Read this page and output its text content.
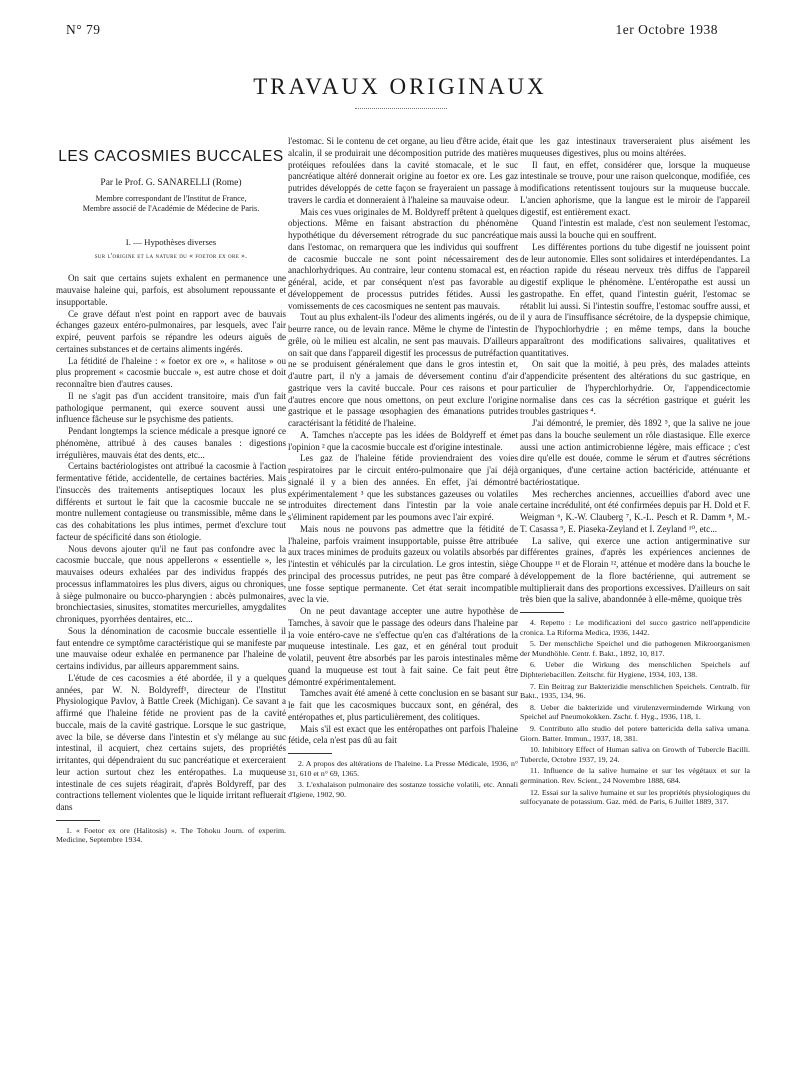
N° 79	1er Octobre 1938
TRAVAUX ORIGINAUX
LES CACOSMIES BUCCALES
Par le Prof. G. SANARELLI (Rome)
Membre correspondant de l'Institut de France,
Membre associé de l'Académie de Médecine de Paris.
I. — Hypothèses diverses
sur l'origine et la nature du « foetor ex ore ».

On sait que certains sujets exhalent en permanence une mauvaise haleine qui, parfois, est absolument repoussante et insupportable.

Ce grave défaut n'est point en rapport avec de bauvais échanges gazeux entéro-pulmonaires, par lesquels, avec l'air expiré, peuvent parfois se répandre les odeurs aiguës de certaines substances et de certains aliments ingérés.

La fétidité de l'haleine : « foetor ex ore », « halitose » ou plus proprement « cacosmie buccale », est autre chose et doit reconnaître bien d'autres causes.

Il ne s'agit pas d'un accident transitoire, mais d'un fait pathologique permanent, qui exerce souvent aussi une influence fâcheuse sur le psychisme des patients.

Pendant longtemps la science médicale a presque ignoré ce phénomène, attribué à des causes banales : digestions irrégulières, mauvais état des dents, etc...

Certains bactériologistes ont attribué la cacosmie à l'action fermentative fétide, accidentelle, de certaines bactéries. Mais l'insuccès des traitements antiseptiques locaux les plus différents et surtout le fait que la cacosmie buccale ne se montre nullement contagieuse ou transmissible, même dans le cas des cohabitations les plus intimes, permet d'exclure tout facteur de spécificité dans son étiologie.

Nous devons ajouter qu'il ne faut pas confondre avec la cacosmie buccale, que nous appellerons « essentielle », les mauvaises odeurs exhalées par des individus frappés des processus inflammatoires les plus divers, aigus ou chroniques, à siège pulmonaire ou bucco-pharyngien : abcès pulmonaires, bronchiectasies, sinusites, stomatites mercurielles, amygdalites chroniques, pyorrhées dentaires, etc...

Sous la dénomination de cacosmie buccale essentielle il faut entendre ce symptôme caractéristique qui se manifeste par une mauvaise odeur exhalée en permanence par l'haleine de certains individus, par ailleurs apparemment sains.

L'étude de ces cacosmies a été abordée, il y a quelques années, par W. N. Boldyreff¹, directeur de l'Institut Physiologique Pavlov, à Battle Creek (Michigan). Ce savant a affirmé que l'haleine fétide ne provient pas de la cavité buccale, mais de la cavité gastrique. Lorsque le suc gastrique, avec la bile, se déverse dans l'intestin et s'y mélange au suc intestinal, il acquiert, chez certains sujets, des propriétés irritantes, qui dépendraient du suc pancréatique et exerceraient leur action surtout chez les entéropathes. La muqueuse intestinale de ces sujets réagirait, d'après Boldyreff, par des contractions tellement violentes que le liquide irritant refluerait dans

1. « Foetor ex ore (Halitosis) ». The Tohoku Journ. of experim. Medicine, Septembre 1934.

l'estomac. Si le contenu de cet organe, au lieu d'être acide, était alcalin, il se produirait une décomposition putride des matières protéiques refoulées dans la cavité stomacale, et le suc pancréatique altéré donnerait origine au foetor ex ore. Les gaz putrides développés de cette façon se frayeraient un passage à travers le cardia et donneraient à l'haleine sa mauvaise odeur.

Mais ces vues originales de M. Boldyreff prêtent à quelques objections. Même en faisant abstraction du phénomène hypothétique du déversement rétrograde du suc pancréatique dans l'estomac, on remarquera que les individus qui souffrent de cacosmie buccale ne sont point nécessairement des anachlorhydriques. Au contraire, leur contenu stomacal est, en général, acide, et par conséquent n'est pas favorable au développement de processus putrides fétides. Aussi les vomissements de ces cacosmiques ne sentent pas mauvais.

Tout au plus exhalent-ils l'odeur des aliments ingérés, ou de beurre rance, ou de levain rance. Même le chyme de l'intestin grêle, où le milieu est alcalin, ne sent pas mauvais. D'ailleurs on sait que dans l'appareil digestif les processus de putréfaction ne se produisent généralement que dans le gros intestin et, d'autre part, il n'y a jamais de déversement continu d'air gastrique vers la cavité buccale. Pour ces raisons et pour d'autres encore que nous omettons, on peut exclure l'origine gastrique et le passage œsophagien des émanations putrides caractérisant la fétidité de l'haleine.

A. Tamches n'accepte pas les idées de Boldyreff et émet l'opinion ² que la cacosmie buccale est d'origine intestinale.

Les gaz de l'haleine fétide proviendraient des voies respiratoires par le circuit entéro-pulmonaire que j'ai déjà signalé il y a bien des années. En effet, j'ai démontré expérimentalement ³ que les substances gazeuses ou volatiles introduites directement dans l'intestin par la voie anale s'éliminent rapidement par les poumons avec l'air expiré.

Mais nous ne pouvons pas admettre que la fétidité de l'haleine, parfois vraiment insupportable, puisse être attribuée aux traces minimes de produits gazeux ou volatils absorbés par l'intestin et véhiculés par la circulation. Le gros intestin, siège principal des processus putrides, ne peut pas être comparé à une fosse septique permanente. Cet état serait incompatible avec la vie.

On ne peut davantage accepter une autre hypothèse de Tamches, à savoir que le passage des odeurs dans l'haleine par la voie entéro-cave ne s'effectue qu'en cas d'altérations de la muqueuse intestinale. Les gaz, et en général tout produit volatil, peuvent être absorbés par les parois intestinales même quand la muqueuse est tout à fait saine. Ce fait peut être démontré expérimentalement.

Tamches avait été amené à cette conclusion en se basant sur le fait que les cacosmiques buccaux sont, en général, des entéropathes et, plus particulièrement, des colitiques.

Mais s'il est exact que les entéropathes ont parfois l'haleine fétide, cela n'est pas dû au fait

2. A propos des altérations de l'haleine. La Presse Médicale, 1936, n° 31, 610 et n° 69, 1365.

3. L'exhalaison pulmonaire des sostanze tossiche volatili, etc. Annali d'Igiene, 1902, 90.

que les gaz intestinaux traverseraient plus aisément les muqueuses digestives, plus ou moins altérées.

Il faut, en effet, considérer que, lorsque la muqueuse intestinale se trouve, pour une raison quelconque, modifiée, ces modifications retentissent toujours sur la muqueuse buccale. L'ancien aphorisme, que la langue est le miroir de l'appareil digestif, est entièrement exact.

Quand l'intestin est malade, c'est non seulement l'estomac, mais aussi la bouche qui en souffrent.

Les différentes portions du tube digestif ne jouissent point de leur autonomie. Elles sont solidaires et interdépendantes. La réaction rapide du réseau nerveux très diffus de l'appareil digestif explique le phénomène. L'entéropathe est aussi un gastropathe. En effet, quand l'intestin guérit, l'estomac se rétablit lui aussi. Si l'intestin souffre, l'estomac souffre aussi, et il y aura de l'insuffisance sécrétoire, de la dyspepsie chimique, de l'hypochlorhydrie ; en même temps, dans la bouche apparaîtront des modifications salivaires, qualitatives et quantitatives.

On sait que la moitié, à peu près, des malades atteints d'appendicite présentent des altérations du suc gastrique, en particulier de l'hyperchlorhydrie. Or, l'appendicectomie normalise dans ces cas la sécrétion gastrique et guérit les troubles gastriques ⁴.

J'ai démontré, le premier, dès 1892 ⁵, que la salive ne joue pas dans la bouche seulement un rôle diastasique. Elle exerce aussi une action antimicrobienne légère, mais efficace ; c'est dire qu'elle est douée, comme le sérum et d'autres sécrétions organiques, d'une certaine action bactéricide, atténuante et bactériostatique.

Mes recherches anciennes, accueillies d'abord avec une certaine incrédulité, ont été confirmées depuis par H. Dold et F. Weigman ⁶, K.-W. Clauberg ⁷, K.-L. Pesch et R. Damm ⁸, M.-T. Casassa ⁹, E. Piaseka-Zeyland et I. Zeyland ¹⁰, etc...

La salive, qui exerce une action antigerminative sur différentes graines, d'après les expériences anciennes de Chouppe ¹¹ et de Florain ¹², atténue et modère dans la bouche le développement de la flore bactérienne, qui autrement se multiplierait dans des proportions excessives. D'ailleurs on sait très bien que la salive, abandonnée à elle-même, quoique très

4. Repetto : Le modificazioni del succo gastrico nell'appendicite cronica. La Riforma Medica, 1936, 1442.

5. Der menschliche Speichel und die pathogenen Mikroorganismen der Mundhöhle. Centr. f. Bakt., 1892, 10, 817.

6. Ueber die Wirkung des menschlichen Speichels auf Diphteriebacillen. Zeitschr. für Hygiene, 1934, 103, 138.

7. Ein Beitrag zur Bakterizidie menschlichen Speichels. Centralb. für Bakt., 1935, 134, 96.

8. Ueber die bakterizide und virulenzvermindernde Wirkung von Speichel auf Pneumokokken. Zschr. f. Hyg., 1936, 118, 1.

9. Contributo allo studio del potere battericida della saliva umana. Giorn. Batter. Immun., 1937, 18, 381.

10. Inhibitory Effect of Human saliva on Growth of Tubercle Bacilli. Tubercle, Octobre 1937, 19, 24.

11. Influence de la salive humaine et sur les végétaux et sur la germination. Rev. Scient., 24 Novembre 1888, 684.

12. Essai sur la salive humaine et sur les propriétés physiologiques du sulfocyanate de potassium. Gaz. méd. de Paris, 6 Juillet 1889, 317.
